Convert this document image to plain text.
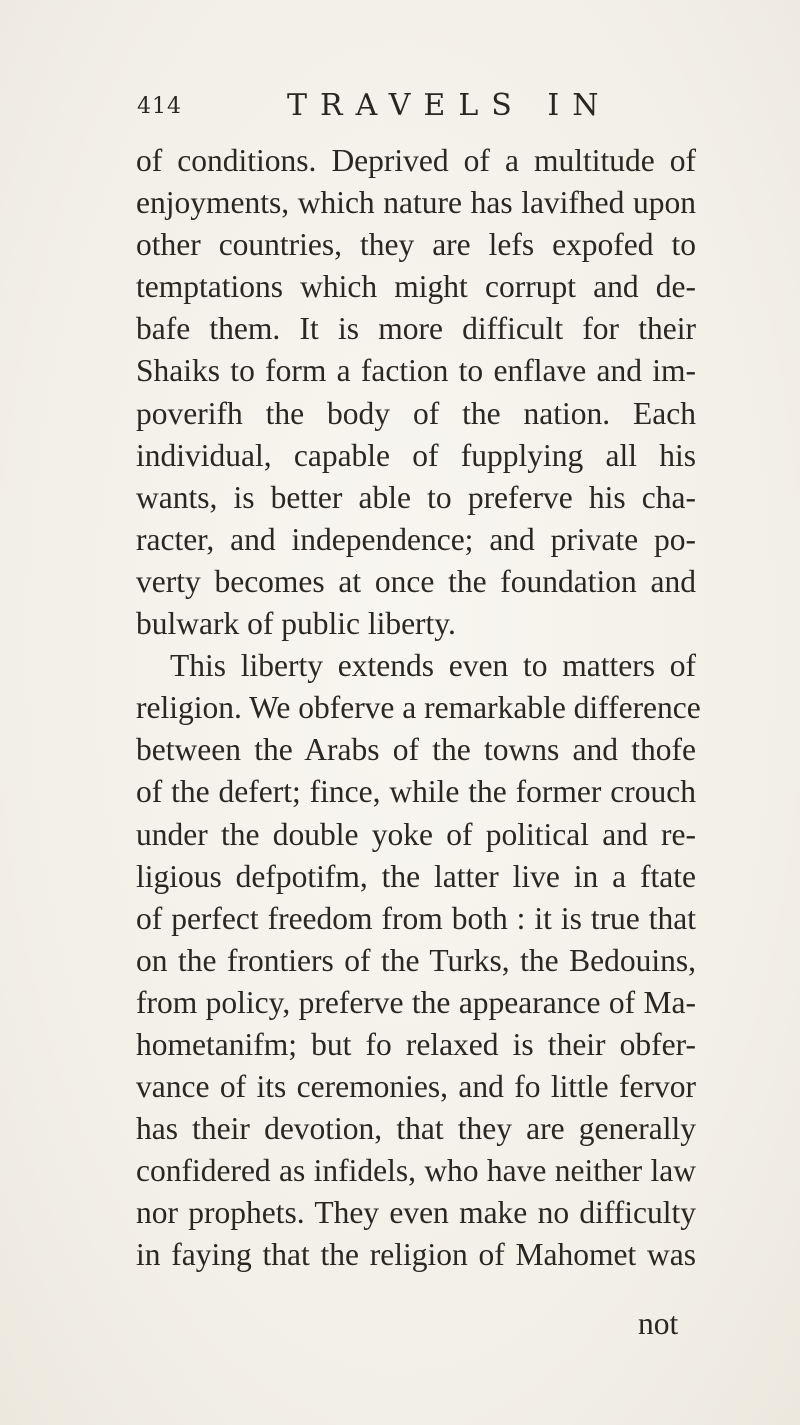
414	TRAVELS IN
of conditions. Deprived of a multitude of
enjoyments, which nature has lavifhed upon
other countries, they are lefs expofed to
temptations which might corrupt and de-
bafe them. It is more difficult for their
Shaiks to form a faction to enflave and im-
poverifh the body of the nation. Each
individual, capable of fupplying all his
wants, is better able to preferve his cha-
racter, and independence; and private po-
verty becomes at once the foundation and
bulwark of public liberty.
This liberty extends even to matters of
religion. We obferve a remarkable difference
between the Arabs of the towns and thofe
of the defert; fince, while the former crouch
under the double yoke of political and re-
ligious defpotifm, the latter live in a ftate
of perfect freedom from both : it is true that
on the frontiers of the Turks, the Bedouins,
from policy, preferve the appearance of Ma-
hometanifm; but fo relaxed is their obfer-
vance of its ceremonies, and fo little fervor
has their devotion, that they are generally
confidered as infidels, who have neither law
nor prophets. They even make no difficulty
in faying that the religion of Mahomet was
not
